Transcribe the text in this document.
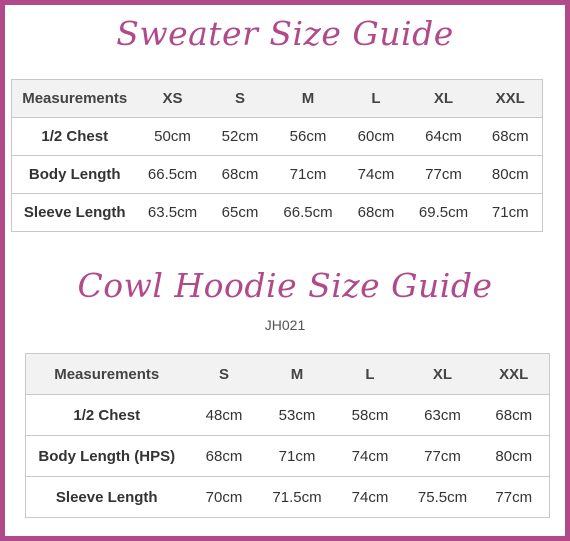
Sweater Size Guide
Measurements	XS	S	M	L	XL	XXL
1/2 Chest	50cm	52cm	56cm	60cm	64cm	68cm
Body Length	66.5cm	68cm	71cm	74cm	77cm	80cm
Sleeve Length	63.5cm	65cm	66.5cm	68cm	69.5cm	71cm
Cowl Hoodie Size Guide
JH021
Measurements	S	M	L	XL	XXL
1/2 Chest	48cm	53cm	58cm	63cm	68cm
Body Length (HPS)	68cm	71cm	74cm	77cm	80cm
Sleeve Length	70cm	71.5cm	74cm	75.5cm	77cm
